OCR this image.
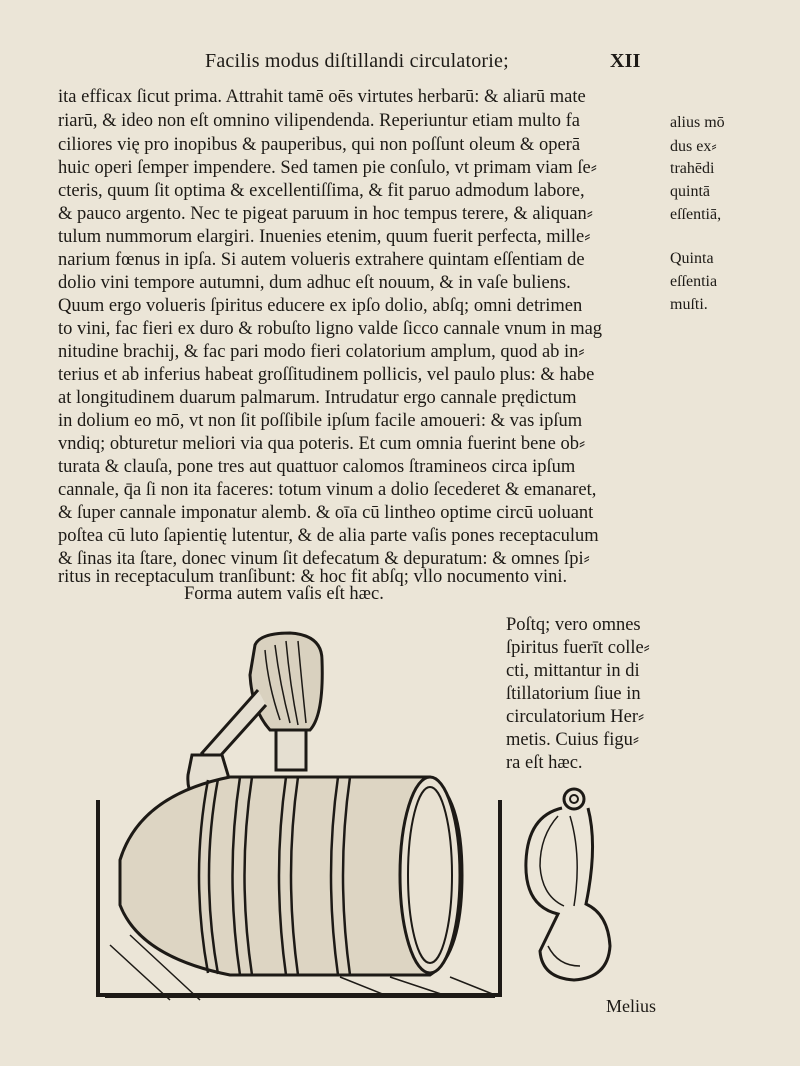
Facilis modus diſtillandi circulatorie;	XII
ita efficax ſicut prima. Attrahit tamē oēs virtutes herbarū: & aliarū mate
riarū, & ideo non eſt omnino vilipendenda. Reperiuntur etiam multo fa
ciliores vię pro inopibus & pauperibus, qui non poſſunt oleum & operā
huic operi ſemper impendere. Sed tamen pie conſulo, vt primam viam ſe⸗
cteris, quum ſit optima & excellentiſſima, & fit paruo admodum labore,
& pauco argento. Nec te pigeat paruum in hoc tempus terere, & aliquan⸗
tulum nummorum elargiri. Inuenies etenim, quum fuerit perfecta, mille⸗
narium fœnus in ipſa. Si autem volueris extrahere quintam eſſentiam de
dolio vini tempore autumni, dum adhuc eſt nouum, & in vaſe buliens.
Quum ergo volueris ſpiritus educere ex ipſo dolio, abſq; omni detrimen
to vini, fac fieri ex duro & robuſto ligno valde ſicco cannale vnum in mag
nitudine brachij, & fac pari modo fieri colatorium amplum, quod ab in⸗
terius et ab inferius habeat groſſitudinem pollicis, vel paulo plus: & habe
at longitudinem duarum palmarum. Intrudatur ergo cannale prędictum
in dolium eo mō, vt non ſit poſſibile ipſum facile amoueri: & vas ipſum
vndiq; obturetur meliori via qua poteris. Et cum omnia fuerint bene ob⸗
turata & clauſa, pone tres aut quattuor calomos ſtramineos circa ipſum
cannale, q̄a ſi non ita faceres: totum vinum a dolio ſecederet & emanaret,
& ſuper cannale imponatur alemb. & oīa cū lintheo optime circū uoluant
poſtea cū luto ſapientię lutentur, & de alia parte vaſis pones receptaculum
& ſinas ita ſtare, donec vinum ſit defecatum & depuratum: & omnes ſpi⸗
ritus in receptaculum tranſibunt: & hoc fit abſq; vllo nocumento vini.
alius mō
dus ex⸗
trahēdi
quintā
eſſentiā,
Quinta
eſſentia
muſti.
Forma autem vaſis eſt hæc.
Poſtq; vero omnes
ſpiritus fuerīt colle⸗
cti, mittantur in di
ſtillatorium ſiue in
circulatorium Her⸗
metis. Cuius figu⸗
ra eſt hæc.
Melius
